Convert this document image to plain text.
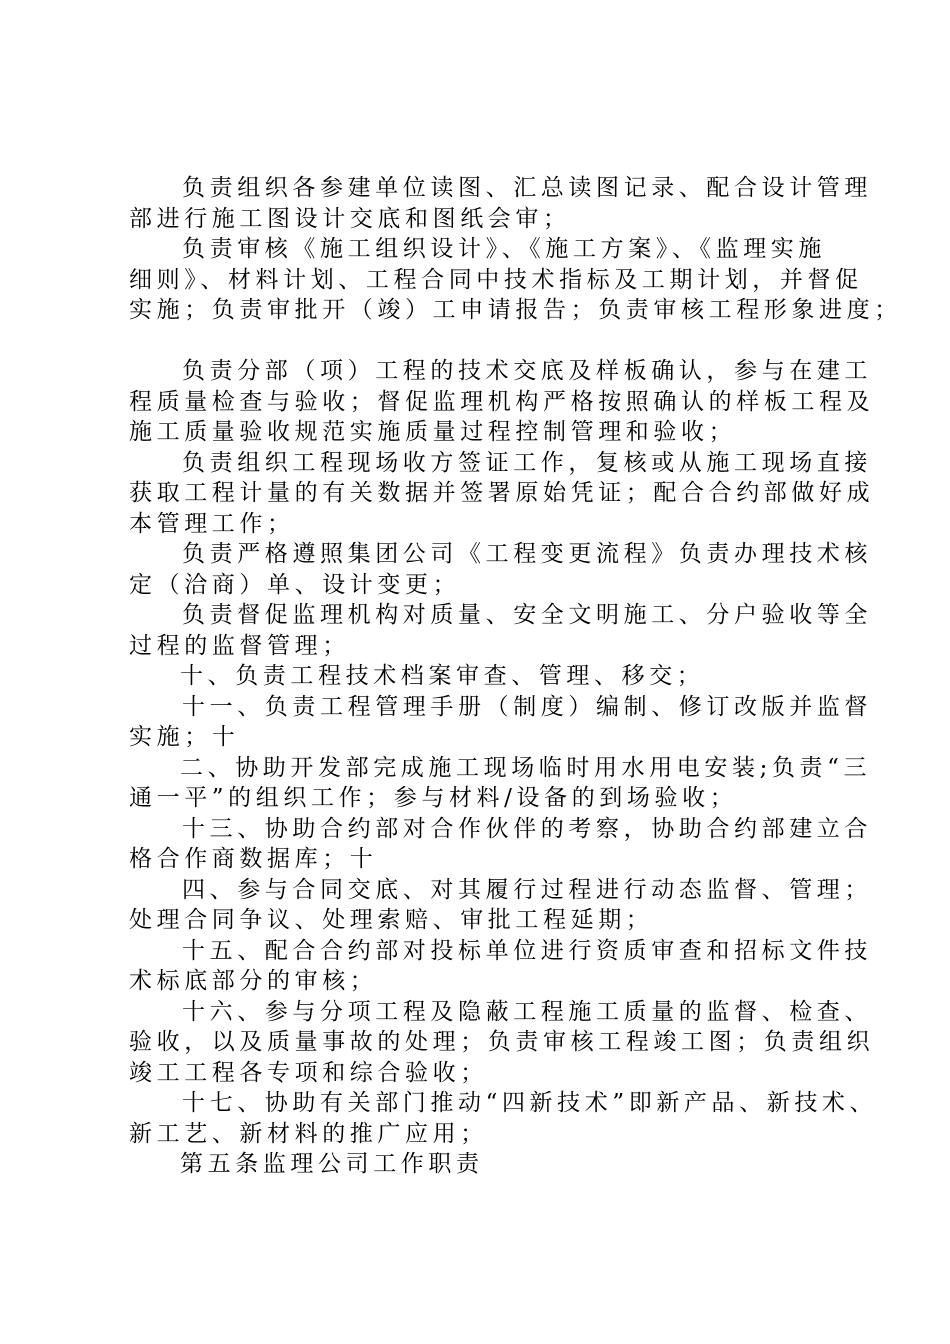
负责组织各参建单位读图、汇总读图记录、配合设计管理
部进行施工图设计交底和图纸会审；
负责审核《施工组织设计》、《施工方案》、《监理实施
细则》、材料计划、工程合同中技术指标及工期计划，并督促
实施；负责审批开（竣）工申请报告；负责审核工程形象进度；
负责分部（项）工程的技术交底及样板确认，参与在建工
程质量检查与验收；督促监理机构严格按照确认的样板工程及
施工质量验收规范实施质量过程控制管理和验收；
负责组织工程现场收方签证工作，复核或从施工现场直接
获取工程计量的有关数据并签署原始凭证；配合合约部做好成
本管理工作；
负责严格遵照集团公司《工程变更流程》负责办理技术核
定（洽商）单、设计变更；
负责督促监理机构对质量、安全文明施工、分户验收等全
过程的监督管理；
十、负责工程技术档案审查、管理、移交；
十一、负责工程管理手册（制度）编制、修订改版并监督
实施；十
二、协助开发部完成施工现场临时用水用电安装;负责“三
通一平”的组织工作；参与材料/设备的到场验收；
十三、协助合约部对合作伙伴的考察，协助合约部建立合
格合作商数据库；十
四、参与合同交底、对其履行过程进行动态监督、管理；
处理合同争议、处理索赔、审批工程延期；
十五、配合合约部对投标单位进行资质审查和招标文件技
术标底部分的审核；
十六、参与分项工程及隐蔽工程施工质量的监督、检查、
验收，以及质量事故的处理；负责审核工程竣工图；负责组织
竣工工程各专项和综合验收；
十七、协助有关部门推动“四新技术”即新产品、新技术、
新工艺、新材料的推广应用；
第五条监理公司工作职责
